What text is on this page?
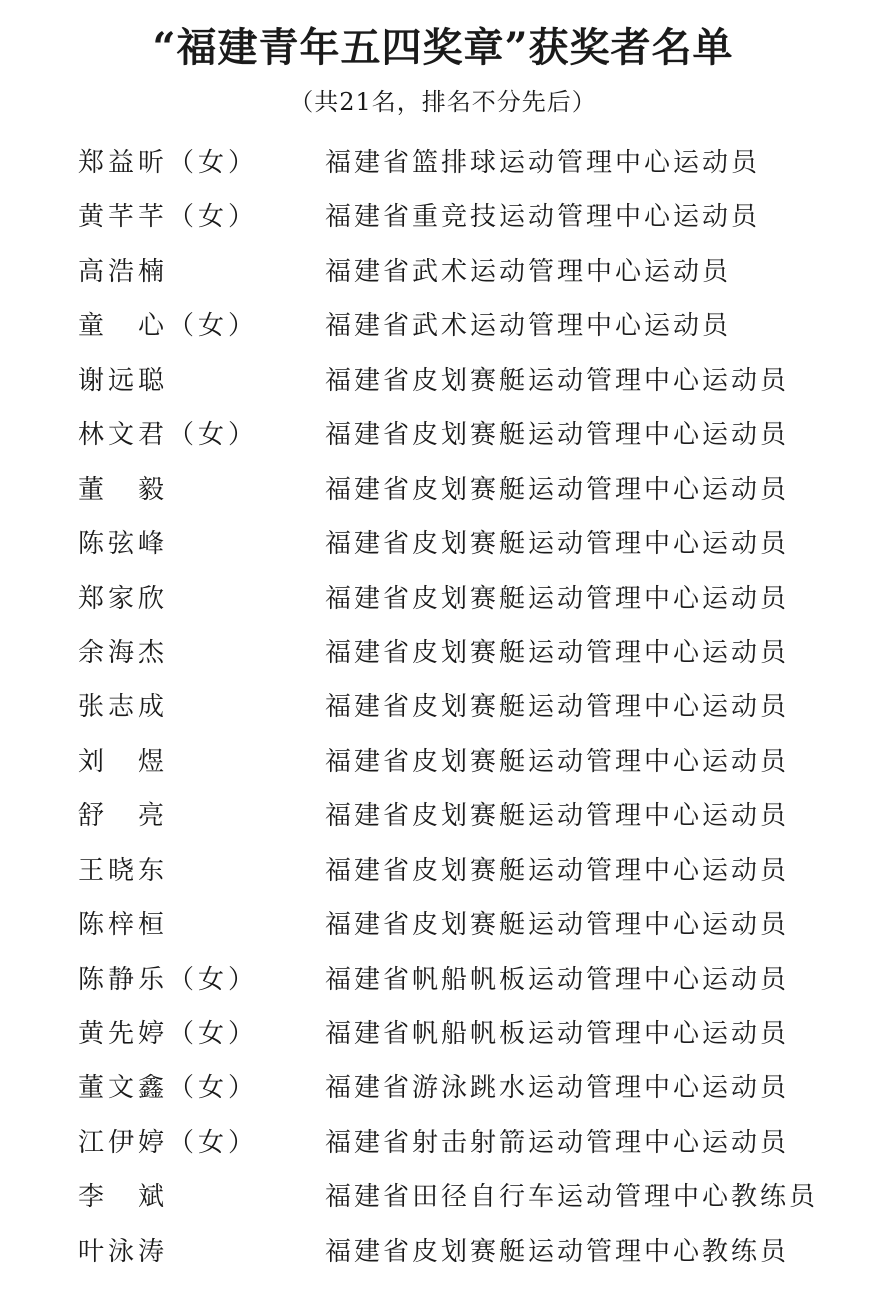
“福建青年五四奖章”获奖者名单
（共21名，排名不分先后）
郑益昕（女）	福建省篮排球运动管理中心运动员
黄芊芊（女）	福建省重竞技运动管理中心运动员
高浩楠	福建省武术运动管理中心运动员
童　心（女）	福建省武术运动管理中心运动员
谢远聪	福建省皮划赛艇运动管理中心运动员
林文君（女）	福建省皮划赛艇运动管理中心运动员
董　毅	福建省皮划赛艇运动管理中心运动员
陈弦峰	福建省皮划赛艇运动管理中心运动员
郑家欣	福建省皮划赛艇运动管理中心运动员
余海杰	福建省皮划赛艇运动管理中心运动员
张志成	福建省皮划赛艇运动管理中心运动员
刘　煜	福建省皮划赛艇运动管理中心运动员
舒　亮	福建省皮划赛艇运动管理中心运动员
王晓东	福建省皮划赛艇运动管理中心运动员
陈梓桓	福建省皮划赛艇运动管理中心运动员
陈静乐（女）	福建省帆船帆板运动管理中心运动员
黄先婷（女）	福建省帆船帆板运动管理中心运动员
董文鑫（女）	福建省游泳跳水运动管理中心运动员
江伊婷（女）	福建省射击射箭运动管理中心运动员
李　斌	福建省田径自行车运动管理中心教练员
叶泳涛	福建省皮划赛艇运动管理中心教练员
